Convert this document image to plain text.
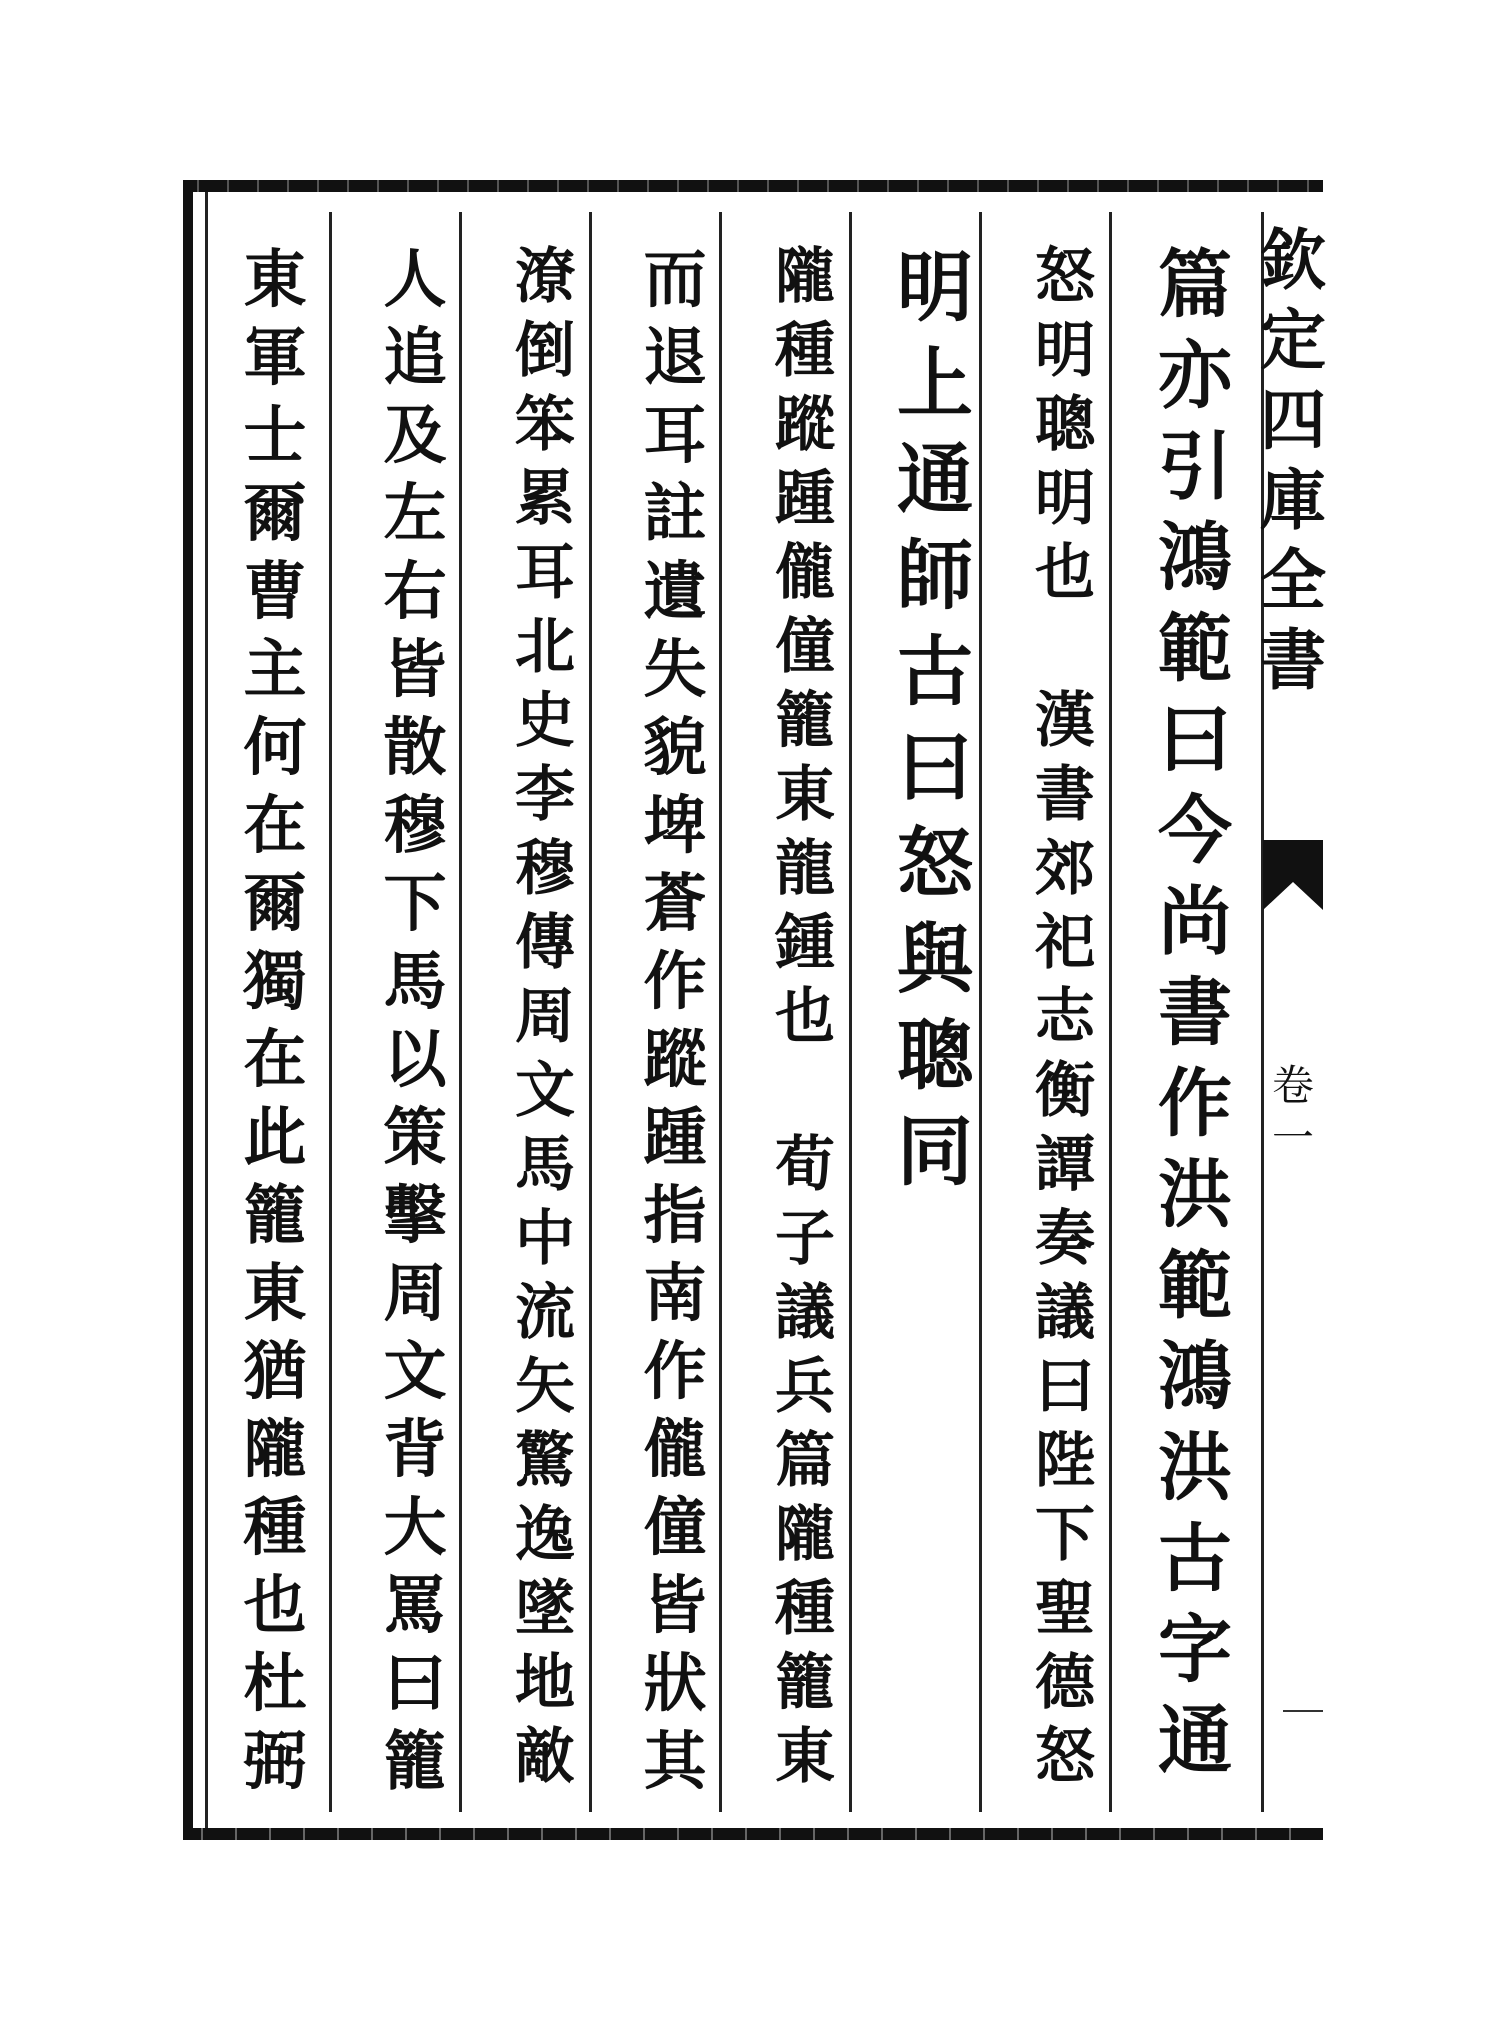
篇
亦
引
鴻
範
曰
今
尚
書
作
洪
範
鴻
洪
古
字
通
怒
明
聰
明
也
漢
書
郊
祀
志
衡
譚
奏
議
曰
陛
下
聖
德
怒
明
上
通
師
古
曰
怒
與
聰
同
隴
種
蹤
踵
儱
僮
籠
東
龍
鍾
也
荀
子
議
兵
篇
隴
種
籠
東
而
退
耳
註
遺
失
貌
埤
蒼
作
蹤
踵
指
南
作
儱
僮
皆
狀
其
潦
倒
笨
累
耳
北
史
李
穆
傳
周
文
馬
中
流
矢
驚
逸
墜
地
敵
人
追
及
左
右
皆
散
穆
下
馬
以
策
擊
周
文
背
大
罵
曰
籠
東
軍
士
爾
曹
主
何
在
爾
獨
在
此
籠
東
猶
隴
種
也
杜
弼
欽
定
四
庫
全
書
卷
一
